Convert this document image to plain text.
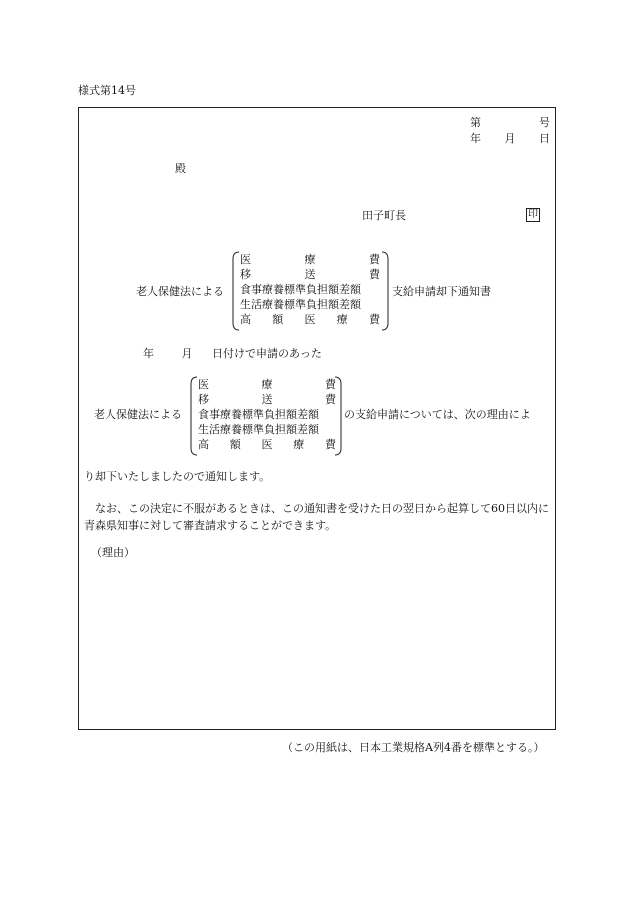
様式第14号
第	号
年 月 日
殿
田子町長	印
老人保健法による
医	療	費
移	送	費
食事療養標準負担額差額
生活療養標準負担額差額
高 額 医 療 費
支給申請却下通知書
年	月 日付けで申請のあった
老人保健法による
医	療	費
移	送	費
食事療養標準負担額差額
生活療養標準負担額差額
高 額 医 療 費
の支給申請については、次の理由によ
り却下いたしましたので通知します。
なお、この決定に不服があるときは、この通知書を受けた日の翌日から起算して60日以内に青森県知事に対して審査請求することができます。
（理由）
（この用紙は、日本工業規格A列4番を標準とする。）
